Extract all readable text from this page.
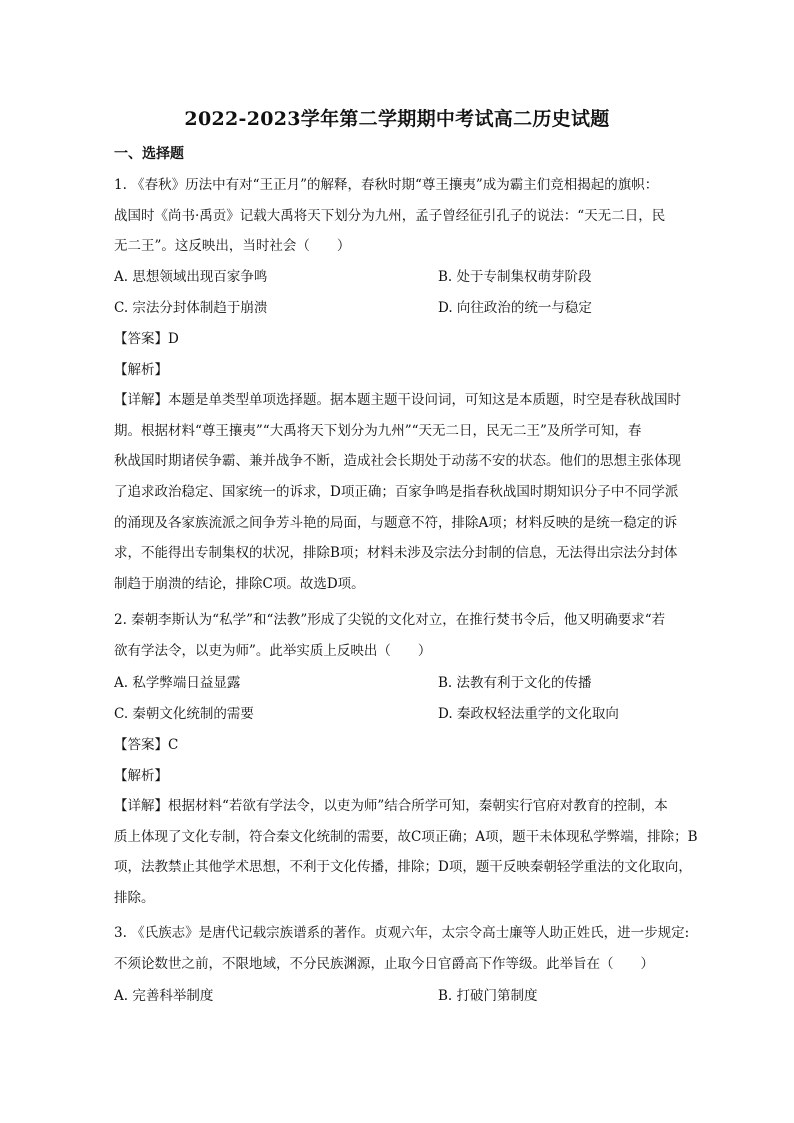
2022-2023学年第二学期期中考试高二历史试题
一、选择题
1. 《春秋》历法中有对“王正月”的解释，春秋时期“尊王攘夷”成为霸主们竞相揭起的旗帜：
战国时《尚书·禹贡》记载大禹将天下划分为九州，孟子曾经征引孔子的说法：“天无二日，民
无二王”。这反映出，当时社会（　　）
A. 思想领域出现百家争鸣	B. 处于专制集权萌芽阶段
C. 宗法分封体制趋于崩溃	D. 向往政治的统一与稳定
【答案】D
【解析】
【详解】本题是单类型单项选择题。据本题主题干设问词，可知这是本质题，时空是春秋战国时
期。根据材料“尊王攘夷”“大禹将天下划分为九州”“天无二日，民无二王”及所学可知，春
秋战国时期诸侯争霸、兼并战争不断，造成社会长期处于动荡不安的状态。他们的思想主张体现
了追求政治稳定、国家统一的诉求，D项正确；百家争鸣是指春秋战国时期知识分子中不同学派
的涌现及各家族流派之间争芳斗艳的局面，与题意不符，排除A项；材料反映的是统一稳定的诉
求，不能得出专制集权的状况，排除B项；材料未涉及宗法分封制的信息，无法得出宗法分封体
制趋于崩溃的结论，排除C项。故选D项。
2. 秦朝李斯认为“私学”和“法教”形成了尖锐的文化对立，在推行焚书令后，他又明确要求“若
欲有学法令，以吏为师”。此举实质上反映出（　　）
A. 私学弊端日益显露	B. 法教有利于文化的传播
C. 秦朝文化统制的需要	D. 秦政权轻法重学的文化取向
【答案】C
【解析】
【详解】根据材料“若欲有学法令，以吏为师”结合所学可知，秦朝实行官府对教育的控制，本
质上体现了文化专制，符合秦文化统制的需要，故C项正确；A项，题干未体现私学弊端，排除；B
项，法教禁止其他学术思想，不利于文化传播，排除；D项，题干反映秦朝轻学重法的文化取向，
排除。
3. 《氏族志》是唐代记载宗族谱系的著作。贞观六年，太宗令高士廉等人助正姓氏，进一步规定:
不须论数世之前，不限地域，不分民族渊源，止取今日官爵高下作等级。此举旨在（　　）
A. 完善科举制度	B. 打破门第制度
